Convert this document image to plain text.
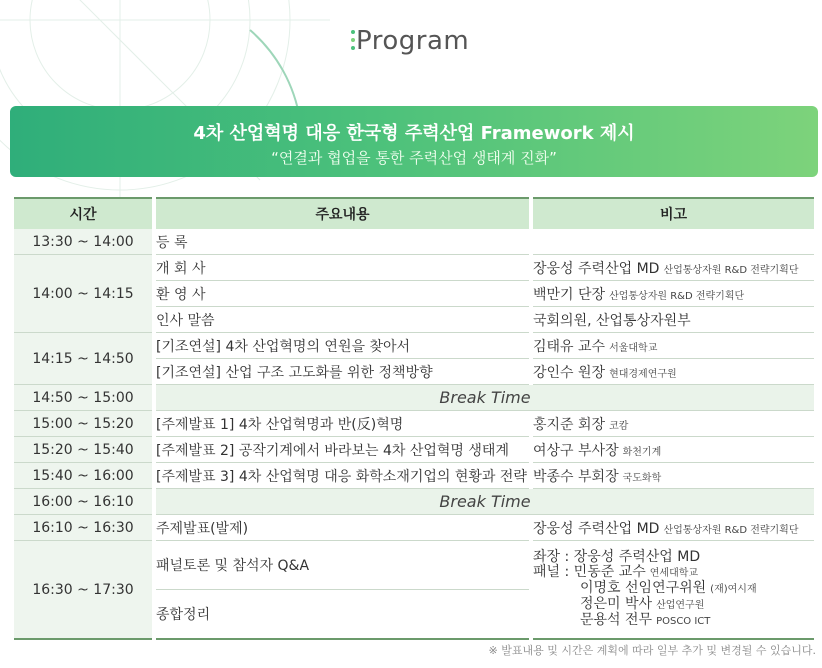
Program
4차 산업혁명 대응 한국형 주력산업 Framework 제시
“연결과 협업을 통한 주력산업 생태계 진화”
시간	주요내용	비고
13:30 ~ 14:00	등 록	
14:00 ~ 14:15	개 회 사	장웅성 주력산업 MD 산업통상자원 R&D 전략기획단
	환 영 사	백만기 단장 산업통상자원 R&D 전략기획단
	인사 말씀	국회의원, 산업통상자원부
14:15 ~ 14:50	[기조연설] 4차 산업혁명의 연원을 찾아서	김태유 교수 서울대학교
	[기조연설] 산업 구조 고도화를 위한 정책방향	강인수 원장 현대경제연구원
14:50 ~ 15:00	Break Time	
15:00 ~ 15:20	[주제발표 1] 4차 산업혁명과 반(反)혁명	홍지준 회장 코캄
15:20 ~ 15:40	[주제발표 2] 공작기계에서 바라보는 4차 산업혁명 생태계	여상구 부사장 화천기계
15:40 ~ 16:00	[주제발표 3] 4차 산업혁명 대응 화학소재기업의 현황과 전략	박종수 부회장 국도화학
16:00 ~ 16:10	Break Time	
16:10 ~ 16:30	주제발표(발제)	장웅성 주력산업 MD 산업통상자원 R&D 전략기획단
16:30 ~ 17:30	패널토론 및 참석자 Q&A	좌장 : 장웅성 주력산업 MD
패널 : 민동준 교수 연세대학교
이명호 선임연구위원 (재)여시재
정은미 박사 산업연구원
문용석 전무 POSCO ICT

	종합정리	
※ 발표내용 및 시간은 계획에 따라 일부 추가 및 변경될 수 있습니다.
